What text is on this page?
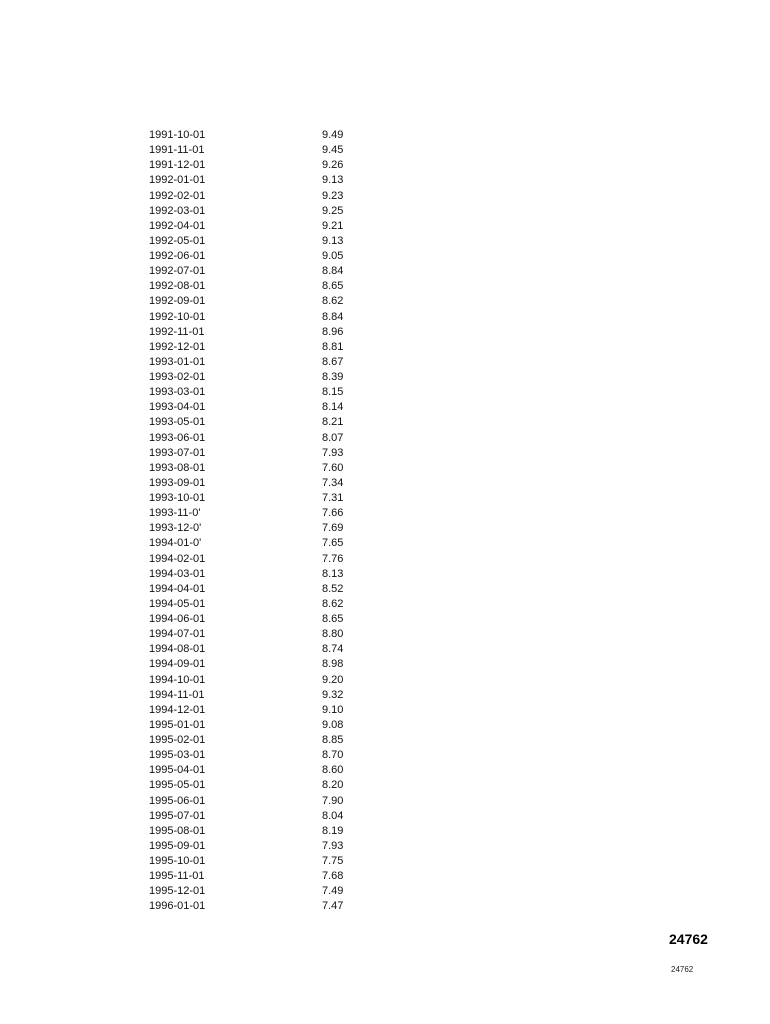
1991-10-01	9.49
1991-11-01	9.45
1991-12-01	9.26
1992-01-01	9.13
1992-02-01	9.23
1992-03-01	9.25
1992-04-01	9.21
1992-05-01	9.13
1992-06-01	9.05
1992-07-01	8.84
1992-08-01	8.65
1992-09-01	8.62
1992-10-01	8.84
1992-11-01	8.96
1992-12-01	8.81
1993-01-01	8.67
1993-02-01	8.39
1993-03-01	8.15
1993-04-01	8.14
1993-05-01	8.21
1993-06-01	8.07
1993-07-01	7.93
1993-08-01	7.60
1993-09-01	7.34
1993-10-01	7.31
1993-11-0'	7.66
1993-12-0'	7.69
1994-01-0'	7.65
1994-02-01	7.76
1994-03-01	8.13
1994-04-01	8.52
1994-05-01	8.62
1994-06-01	8.65
1994-07-01	8.80
1994-08-01	8.74
1994-09-01	8.98
1994-10-01	9.20
1994-11-01	9.32
1994-12-01	9.10
1995-01-01	9.08
1995-02-01	8.85
1995-03-01	8.70
1995-04-01	8.60
1995-05-01	8.20
1995-06-01	7.90
1995-07-01	8.04
1995-08-01	8.19
1995-09-01	7.93
1995-10-01	7.75
1995-11-01	7.68
1995-12-01	7.49
1996-01-01	7.47
24762
24762
